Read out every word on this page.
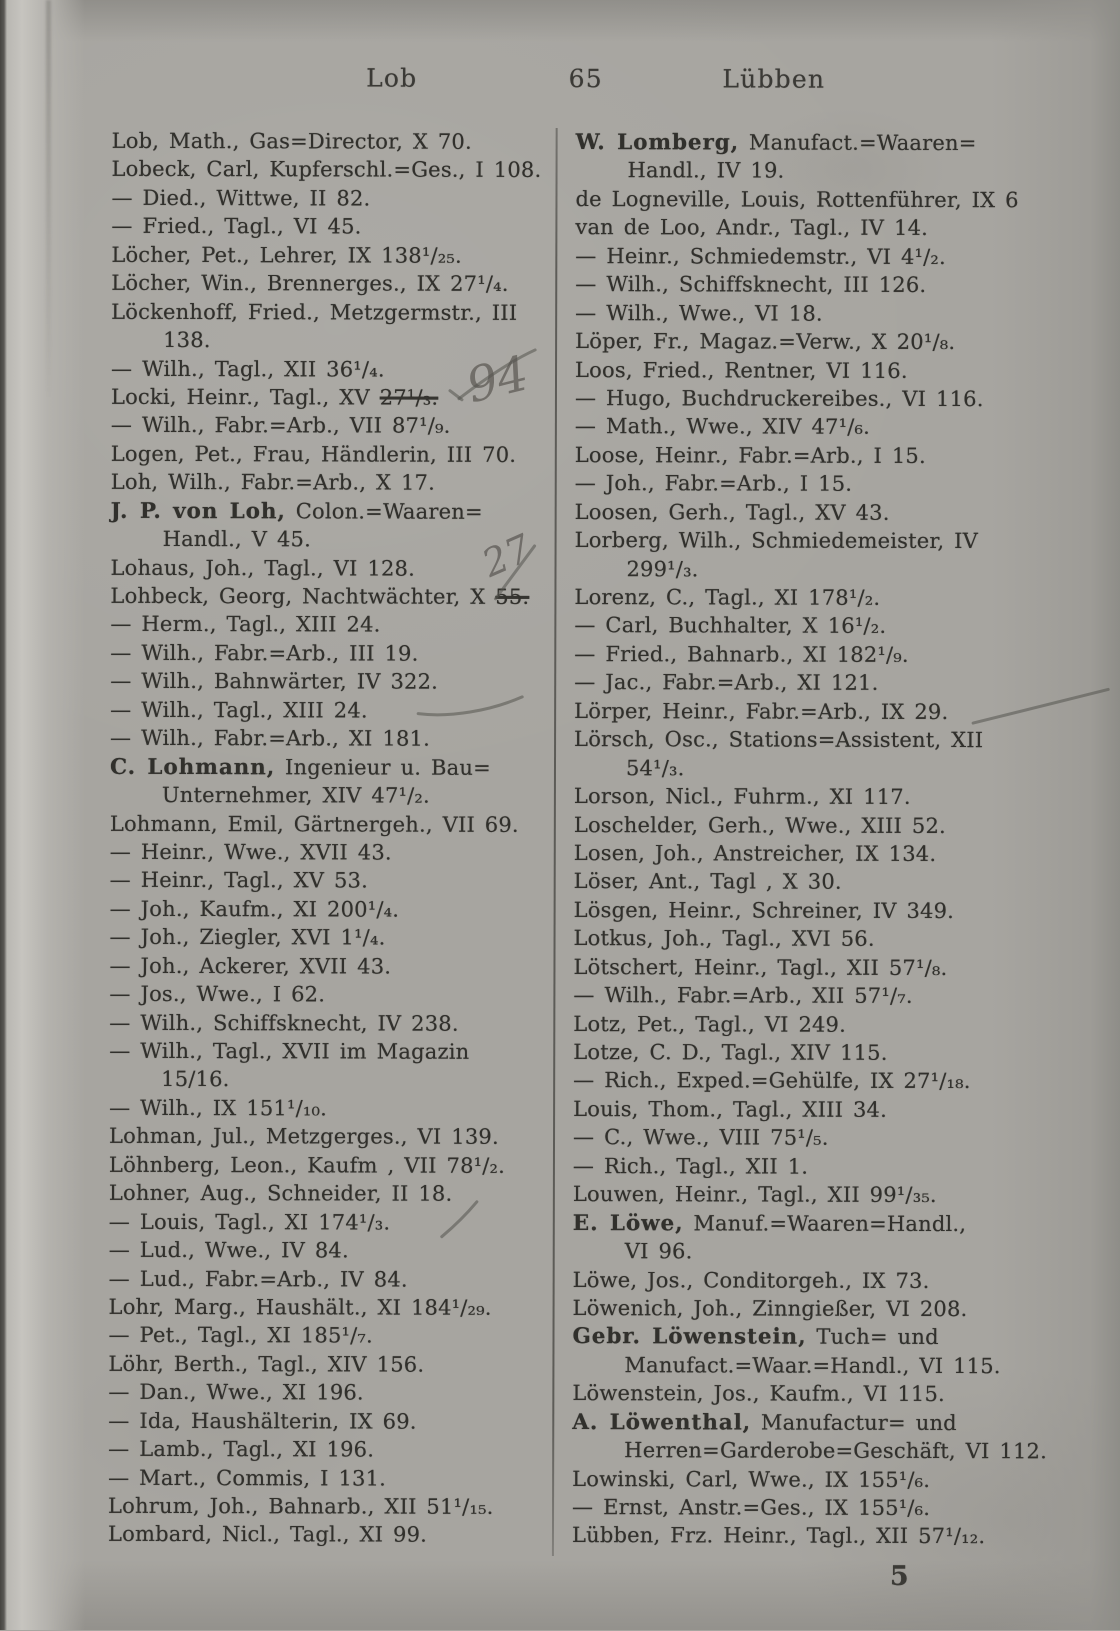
Lob	65	Lübben
Lob, Math., Gas=Director, X 70.
Lobeck, Carl, Kupferschl.=Ges., I 108.
— Died., Wittwe, II 82.
— Fried., Tagl., VI 45.
Löcher, Pet., Lehrer, IX 138¹/₂₅.
Löcher, Win., Brennerges., IX 27¹/₄.
Löckenhoff, Fried., Metzgermstr., III
138.
— Wilh., Tagl., XII 36¹/₄.
Locki, Heinr., Tagl., XV 27¹/₃.
— Wilh., Fabr.=Arb., VII 87¹/₉.
Logen, Pet., Frau, Händlerin, III 70.
Loh, Wilh., Fabr.=Arb., X 17.
J. P. von Loh, Colon.=Waaren=
Handl., V 45.
Lohaus, Joh., Tagl., VI 128.
Lohbeck, Georg, Nachtwächter, X 55.
— Herm., Tagl., XIII 24.
— Wilh., Fabr.=Arb., III 19.
— Wilh., Bahnwärter, IV 322.
— Wilh., Tagl., XIII 24.
— Wilh., Fabr.=Arb., XI 181.
C. Lohmann, Ingenieur u. Bau=
Unternehmer, XIV 47¹/₂.
Lohmann, Emil, Gärtnergeh., VII 69.
— Heinr., Wwe., XVII 43.
— Heinr., Tagl., XV 53.
— Joh., Kaufm., XI 200¹/₄.
— Joh., Ziegler, XVI 1¹/₄.
— Joh., Ackerer, XVII 43.
— Jos., Wwe., I 62.
— Wilh., Schiffsknecht, IV 238.
— Wilh., Tagl., XVII im Magazin
15/16.
— Wilh., IX 151¹/₁₀.
Lohman, Jul., Metzgerges., VI 139.
Löhnberg, Leon., Kaufm , VII 78¹/₂.
Lohner, Aug., Schneider, II 18.
— Louis, Tagl., XI 174¹/₃.
— Lud., Wwe., IV 84.
— Lud., Fabr.=Arb., IV 84.
Lohr, Marg., Haushält., XI 184¹/₂₉.
— Pet., Tagl., XI 185¹/₇.
Löhr, Berth., Tagl., XIV 156.
— Dan., Wwe., XI 196.
— Ida, Haushälterin, IX 69.
— Lamb., Tagl., XI 196.
— Mart., Commis, I 131.
Lohrum, Joh., Bahnarb., XII 51¹/₁₅.
Lombard, Nicl., Tagl., XI 99.
W. Lomberg, Manufact.=Waaren=
Handl., IV 19.
de Logneville, Louis, Rottenführer, IX 6
van de Loo, Andr., Tagl., IV 14.
— Heinr., Schmiedemstr., VI 4¹/₂.
— Wilh., Schiffsknecht, III 126.
— Wilh., Wwe., VI 18.
Löper, Fr., Magaz.=Verw., X 20¹/₈.
Loos, Fried., Rentner, VI 116.
— Hugo, Buchdruckereibes., VI 116.
— Math., Wwe., XIV 47¹/₆.
Loose, Heinr., Fabr.=Arb., I 15.
— Joh., Fabr.=Arb., I 15.
Loosen, Gerh., Tagl., XV 43.
Lorberg, Wilh., Schmiedemeister, IV
299¹/₃.
Lorenz, C., Tagl., XI 178¹/₂.
— Carl, Buchhalter, X 16¹/₂.
— Fried., Bahnarb., XI 182¹/₉.
— Jac., Fabr.=Arb., XI 121.
Lörper, Heinr., Fabr.=Arb., IX 29.
Lörsch, Osc., Stations=Assistent, XII
54¹/₃.
Lorson, Nicl., Fuhrm., XI 117.
Loschelder, Gerh., Wwe., XIII 52.
Losen, Joh., Anstreicher, IX 134.
Löser, Ant., Tagl , X 30.
Lösgen, Heinr., Schreiner, IV 349.
Lotkus, Joh., Tagl., XVI 56.
Lötschert, Heinr., Tagl., XII 57¹/₈.
— Wilh., Fabr.=Arb., XII 57¹/₇.
Lotz, Pet., Tagl., VI 249.
Lotze, C. D., Tagl., XIV 115.
— Rich., Exped.=Gehülfe, IX 27¹/₁₈.
Louis, Thom., Tagl., XIII 34.
— C., Wwe., VIII 75¹/₅.
— Rich., Tagl., XII 1.
Louwen, Heinr., Tagl., XII 99¹/₃₅.
E. Löwe, Manuf.=Waaren=Handl.,
VI 96.
Löwe, Jos., Conditorgeh., IX 73.
Löwenich, Joh., Zinngießer, VI 208.
Gebr. Löwenstein, Tuch= und
Manufact.=Waar.=Handl., VI 115.
Löwenstein, Jos., Kaufm., VI 115.
A. Löwenthal, Manufactur= und
Herren=Garderobe=Geschäft, VI 112.
Lowinski, Carl, Wwe., IX 155¹/₆.
— Ernst, Anstr.=Ges., IX 155¹/₆.
Lübben, Frz. Heinr., Tagl., XII 57¹/₁₂.
5
94
27
